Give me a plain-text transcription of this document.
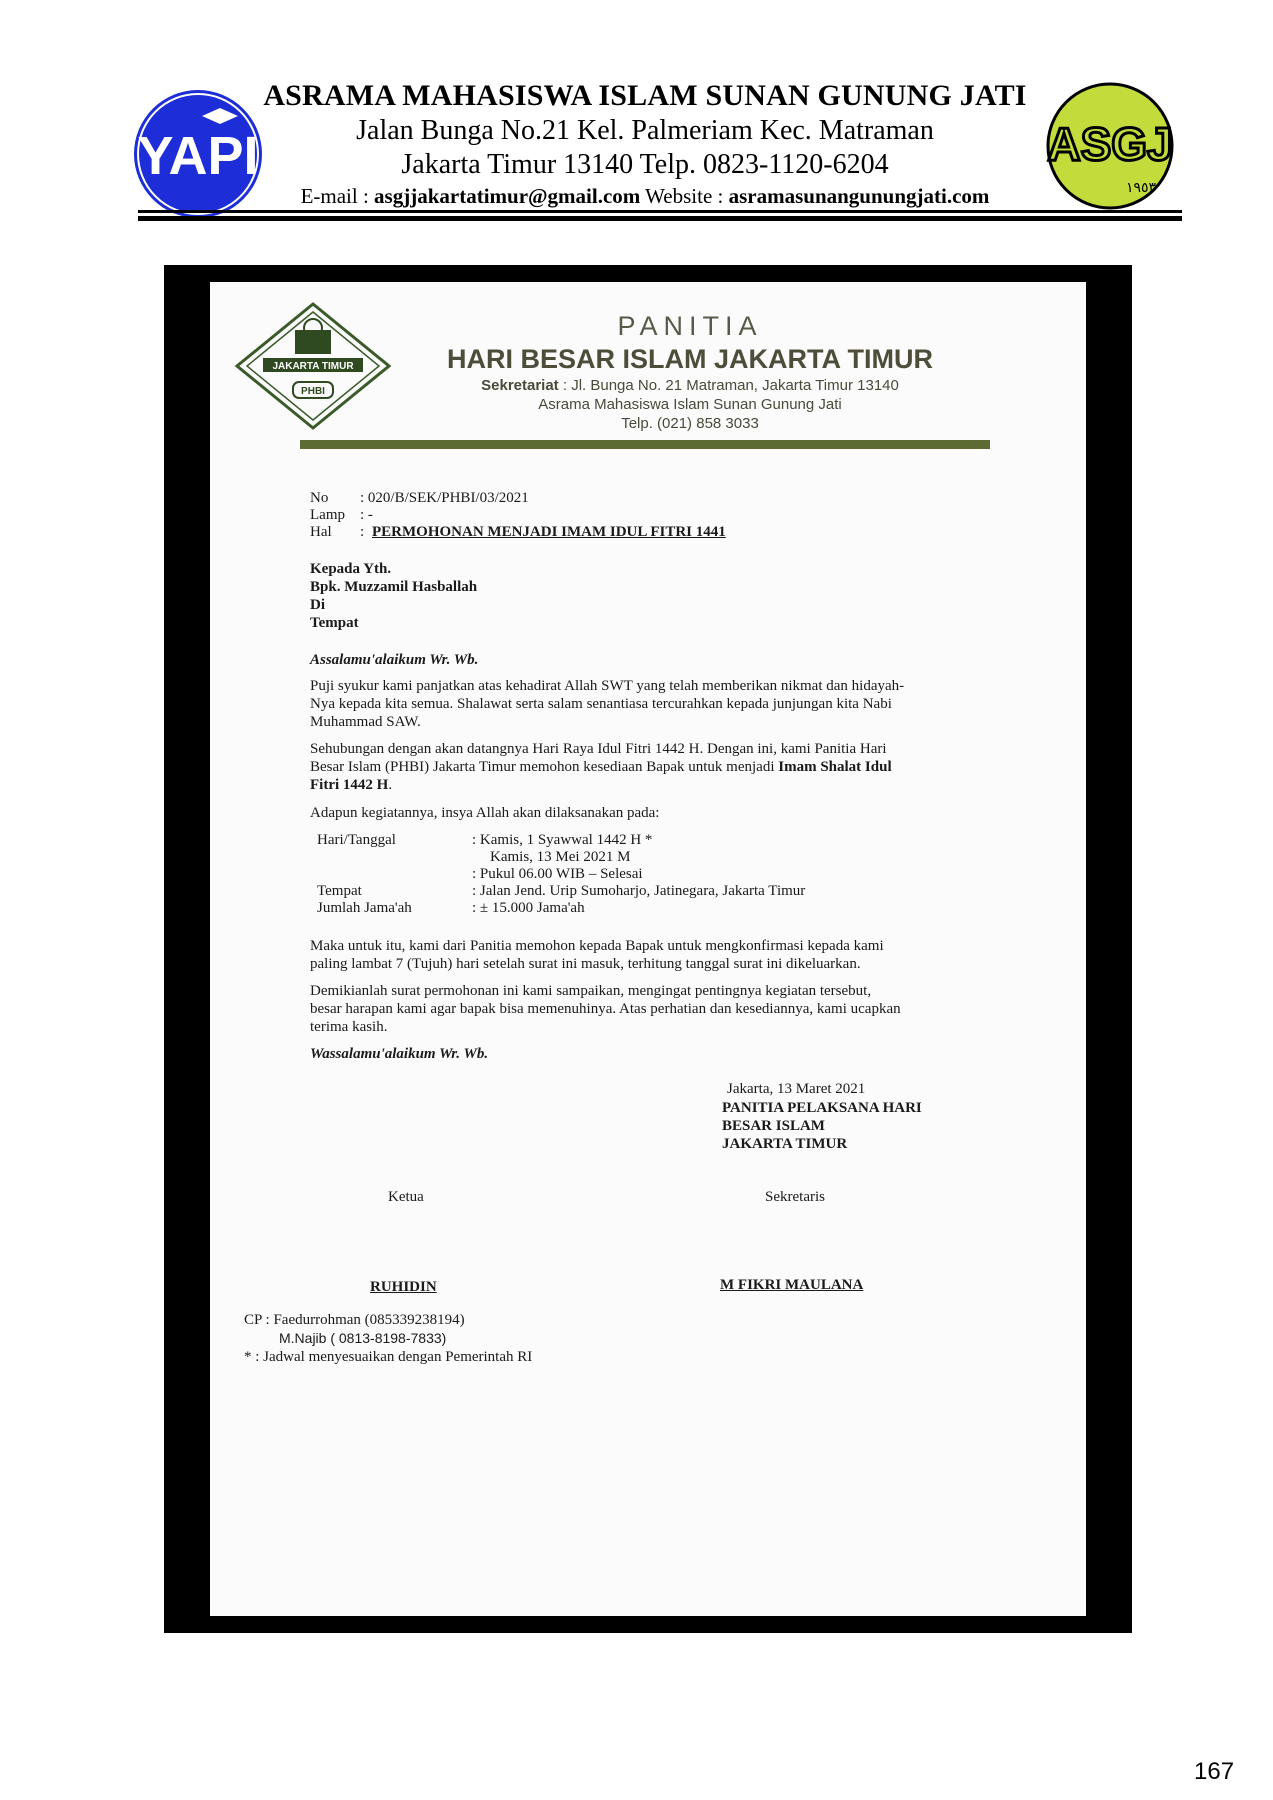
YAPI	ASGJ
١٩٥٣
ASRAMA MAHASISWA ISLAM SUNAN GUNUNG JATI
Jalan Bunga No.21 Kel. Palmeriam Kec. Matraman
Jakarta Timur 13140 Telp. 0823-1120-6204
E-mail : asgjjakartatimur@gmail.com Website : asramasunangunungjati.com
JAKARTA TIMUR
PHBI
PANITIA
HARI BESAR ISLAM JAKARTA TIMUR
Sekretariat : Jl. Bunga No. 21 Matraman, Jakarta Timur 13140
Asrama Mahasiswa Islam Sunan Gunung Jati
Telp. (021) 858 3033
No : 020/B/SEK/PHBI/03/2021
Lamp : -
Hal : PERMOHONAN MENJADI IMAM IDUL FITRI 1441
Kepada Yth.
Bpk. Muzzamil Hasballah
Di
Tempat
Assalamu'alaikum Wr. Wb.
Puji syukur kami panjatkan atas kehadirat Allah SWT yang telah memberikan nikmat dan hidayah-
Nya kepada kita semua. Shalawat serta salam senantiasa tercurahkan kepada junjungan kita Nabi
Muhammad SAW.
Sehubungan dengan akan datangnya Hari Raya Idul Fitri 1442 H. Dengan ini, kami Panitia Hari
Besar Islam (PHBI) Jakarta Timur memohon kesediaan Bapak untuk menjadi Imam Shalat Idul
Fitri 1442 H.
Adapun kegiatannya, insya Allah akan dilaksanakan pada:
Hari/Tanggal	: Kamis, 1 Syawwal 1442 H *
Kamis, 13 Mei 2021 M
: Pukul 06.00 WIB – Selesai
Tempat	: Jalan Jend. Urip Sumoharjo, Jatinegara, Jakarta Timur
Jumlah Jama'ah	: ± 15.000 Jama'ah
Maka untuk itu, kami dari Panitia memohon kepada Bapak untuk mengkonfirmasi kepada kami
paling lambat 7 (Tujuh) hari setelah surat ini masuk, terhitung tanggal surat ini dikeluarkan.
Demikianlah surat permohonan ini kami sampaikan, mengingat pentingnya kegiatan tersebut,
besar harapan kami agar bapak bisa memenuhinya. Atas perhatian dan kesediannya, kami ucapkan
terima kasih.
Wassalamu'alaikum Wr. Wb.
Jakarta, 13 Maret 2021
PANITIA PELAKSANA HARI
BESAR ISLAM
JAKARTA TIMUR
Ketua	Sekretaris
RUHIDIN	M FIKRI MAULANA
CP : Faedurrohman (085339238194)
M.Najib ( 0813-8198-7833)
* : Jadwal menyesuaikan dengan Pemerintah RI
167
